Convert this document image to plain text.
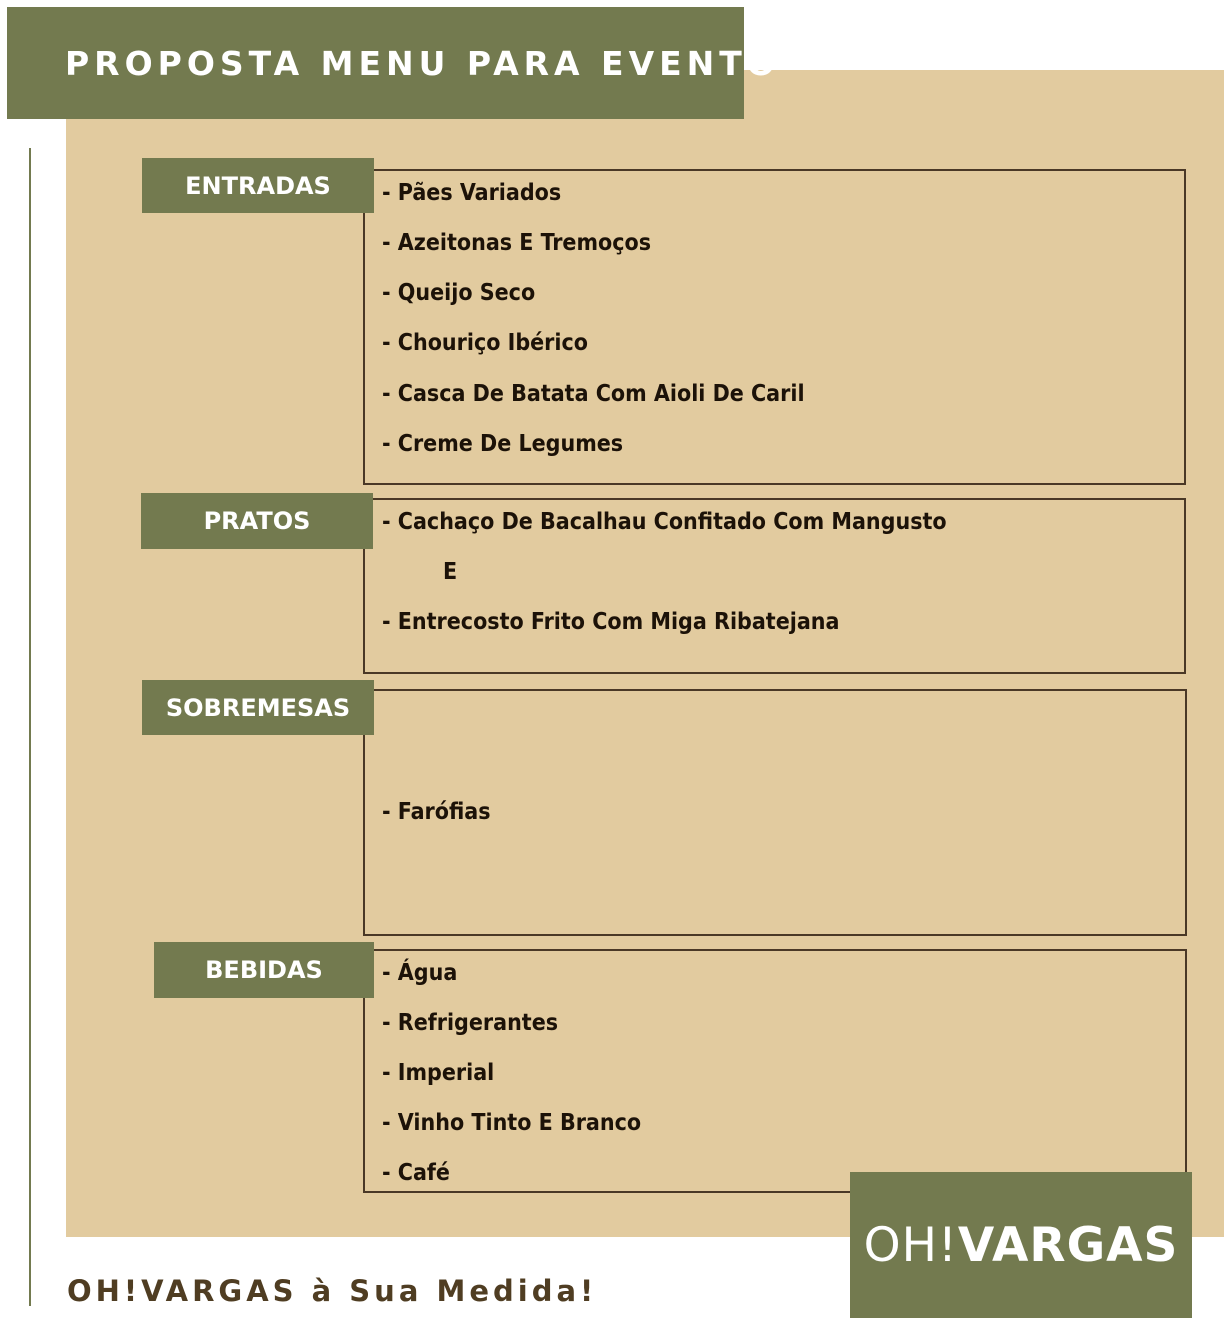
PROPOSTA MENU PARA EVENTO
- Pães Variados
- Azeitonas E Tremoços
- Queijo Seco
- Chouriço Ibérico
- Casca De Batata Com Aioli De Caril
- Creme De Legumes
ENTRADAS
- Cachaço De Bacalhau Confitado Com Mangusto
E
- Entrecosto Frito Com Miga Ribatejana
PRATOS
- Farófias
SOBREMESAS
- Água
- Refrigerantes
- Imperial
- Vinho Tinto E Branco
- Café
BEBIDAS
OH!VARGAS à Sua Medida!
OH!VARGAS
